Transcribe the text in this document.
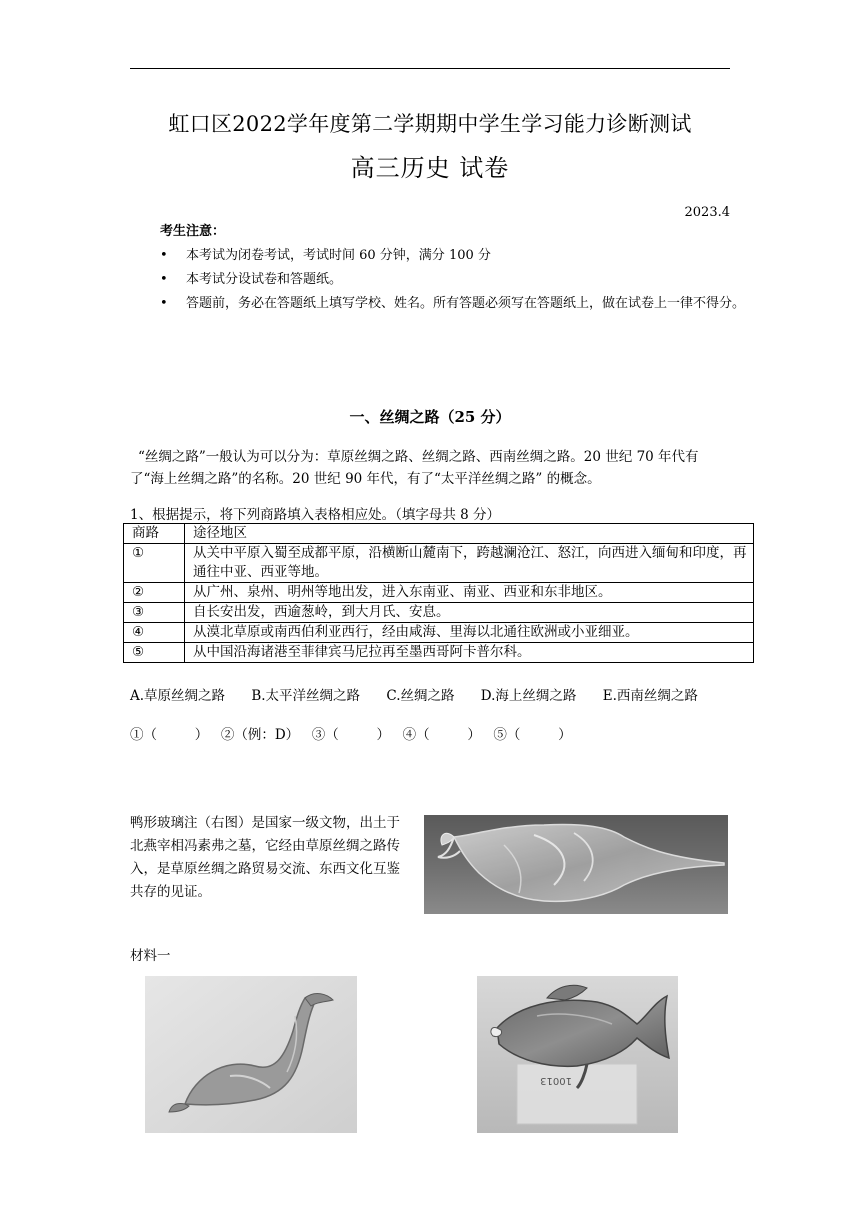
虹口区2022学年度第二学期期中学生学习能力诊断测试
高三历史 试卷
2023.4
考生注意：
• 本考试为闭卷考试，考试时间 60 分钟，满分 100 分
• 本考试分设试卷和答题纸。
• 答题前，务必在答题纸上填写学校、姓名。所有答题必须写在答题纸上，做在试卷上一律不得分。
一、丝绸之路（25 分）
“丝绸之路”一般认为可以分为：草原丝绸之路、丝绸之路、西南丝绸之路。20 世纪 70 年代有了“海上丝绸之路”的名称。20 世纪 90 年代，有了“太平洋丝绸之路” 的概念。
1、根据提示，将下列商路填入表格相应处。（填字母共 8 分）
商路	途径地区
①	从关中平原入蜀至成都平原，沿横断山麓南下，跨越澜沧江、怒江，向西进入缅甸和印度，再通往中亚、西亚等地。
②	从广州、泉州、明州等地出发，进入东南亚、南亚、西亚和东非地区。
③	自长安出发，西逾葱岭，到大月氏、安息。
④	从漠北草原或南西伯利亚西行，经由咸海、里海以北通往欧洲或小亚细亚。
⑤	从中国沿海诸港至菲律宾马尼拉再至墨西哥阿卡普尔科。
A.草原丝绸之路 B.太平洋丝绸之路 C.丝绸之路 D.海上丝绸之路 E.西南丝绸之路
①（      ）  ②（例：D）  ③（      ）  ④（      ）  ⑤（      ）
鸭形玻璃注（右图）是国家一级文物，出土于北燕宰相冯素弗之墓，它经由草原丝绸之路传入，是草原丝绸之路贸易交流、东西文化互鉴共存的见证。
材料一
10013
